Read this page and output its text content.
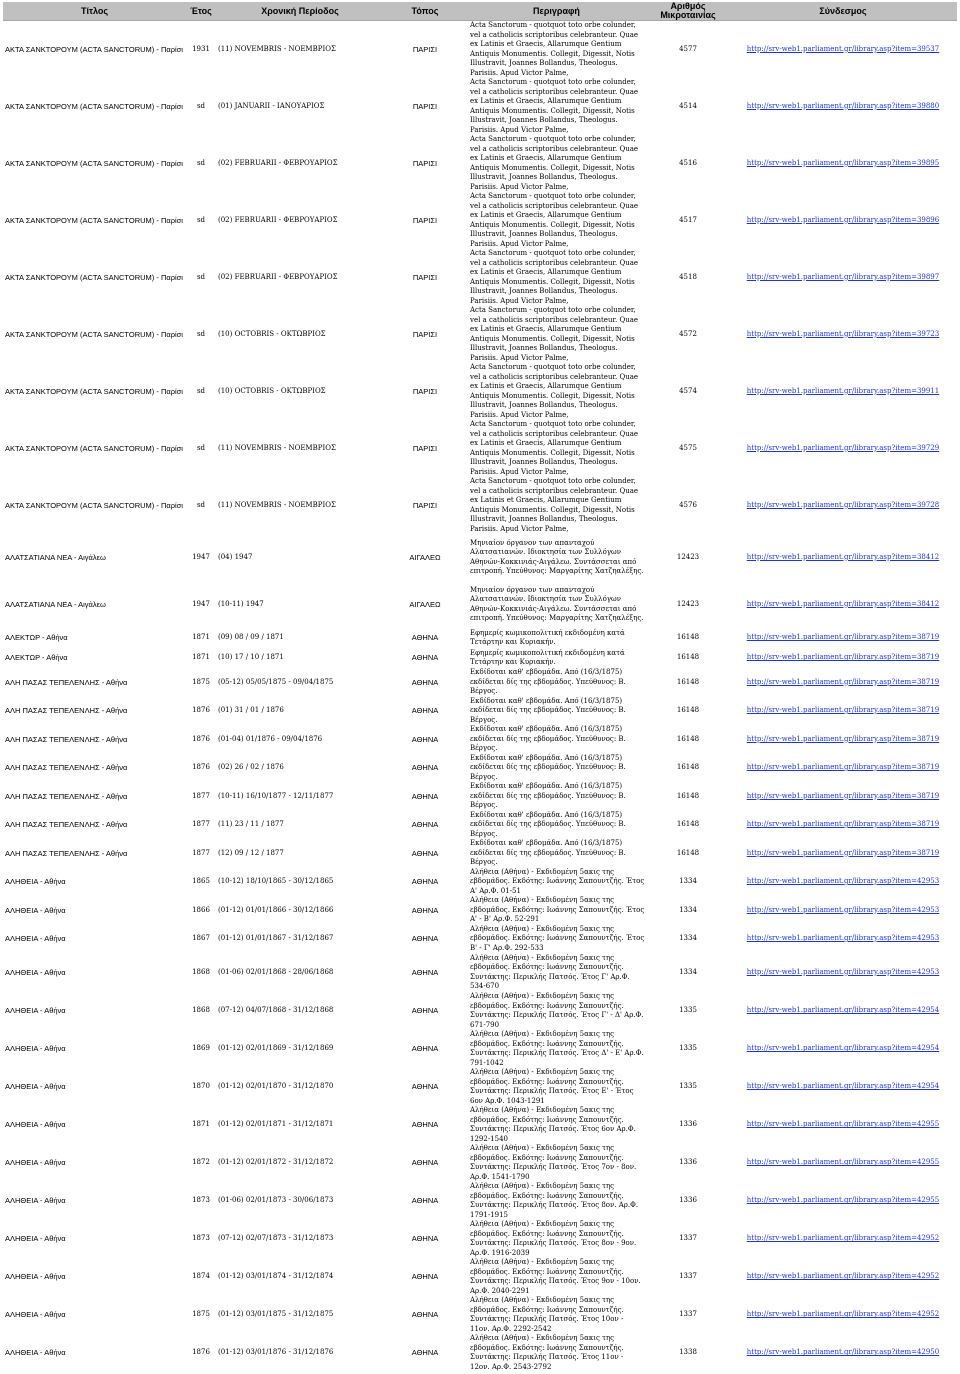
Τίτλος	Έτος	Χρονική Περίοδος	Τόπος	Περιγραφή	Αριθμός Μικροταινίας	Σύνδεσμος
ΑΚΤΑ ΣΑΝΚΤΟΡΟΥΜ (ACTA SANCTORUM) - Παρίσι	1931	(11) NOVEMBRIS - ΝΟΕΜΒΡΙΟΣ	ΠΑΡΙΣΙ	Acta Sanctorum - quotquot toto orbe colunder, vel a catholicis scriptoribus celebranteur. Quae ex Latinis et Graecis, Allarumque Gentium Antiquis Monumentis. Collegit, Digessit, Notis Illustravit, Joannes Bollandus, Theologus. Parisiis. Apud Victor Palme,	4577	http://srv-web1.parliament.gr/library.asp?item=39537
ΑΚΤΑ ΣΑΝΚΤΟΡΟΥΜ (ACTA SANCTORUM) - Παρίσι	sd	(01) JANUARII - ΙΑΝΟΥΑΡΙΟΣ	ΠΑΡΙΣΙ	Acta Sanctorum - quotquot toto orbe colunder, vel a catholicis scriptoribus celebranteur. Quae ex Latinis et Graecis, Allarumque Gentium Antiquis Monumentis. Collegit, Digessit, Notis Illustravit, Joannes Bollandus, Theologus. Parisiis. Apud Victor Palme,	4514	http://srv-web1.parliament.gr/library.asp?item=39880
ΑΚΤΑ ΣΑΝΚΤΟΡΟΥΜ (ACTA SANCTORUM) - Παρίσι	sd	(02) FEBRUARII - ΦΕΒΡΟΥΑΡΙΟΣ	ΠΑΡΙΣΙ	Acta Sanctorum - quotquot toto orbe colunder, vel a catholicis scriptoribus celebranteur. Quae ex Latinis et Graecis, Allarumque Gentium Antiquis Monumentis. Collegit, Digessit, Notis Illustravit, Joannes Bollandus, Theologus. Parisiis. Apud Victor Palme,	4516	http://srv-web1.parliament.gr/library.asp?item=39895
ΑΚΤΑ ΣΑΝΚΤΟΡΟΥΜ (ACTA SANCTORUM) - Παρίσι	sd	(02) FEBRUARII - ΦΕΒΡΟΥΑΡΙΟΣ	ΠΑΡΙΣΙ	Acta Sanctorum - quotquot toto orbe colunder, vel a catholicis scriptoribus celebranteur. Quae ex Latinis et Graecis, Allarumque Gentium Antiquis Monumentis. Collegit, Digessit, Notis Illustravit, Joannes Bollandus, Theologus. Parisiis. Apud Victor Palme,	4517	http://srv-web1.parliament.gr/library.asp?item=39896
ΑΚΤΑ ΣΑΝΚΤΟΡΟΥΜ (ACTA SANCTORUM) - Παρίσι	sd	(02) FEBRUARII - ΦΕΒΡΟΥΑΡΙΟΣ	ΠΑΡΙΣΙ	Acta Sanctorum - quotquot toto orbe colunder, vel a catholicis scriptoribus celebranteur. Quae ex Latinis et Graecis, Allarumque Gentium Antiquis Monumentis. Collegit, Digessit, Notis Illustravit, Joannes Bollandus, Theologus. Parisiis. Apud Victor Palme,	4518	http://srv-web1.parliament.gr/library.asp?item=39897
ΑΚΤΑ ΣΑΝΚΤΟΡΟΥΜ (ACTA SANCTORUM) - Παρίσι	sd	(10) OCTOBRIS - ΟΚΤΩΒΡΙΟΣ	ΠΑΡΙΣΙ	Acta Sanctorum - quotquot toto orbe colunder, vel a catholicis scriptoribus celebranteur. Quae ex Latinis et Graecis, Allarumque Gentium Antiquis Monumentis. Collegit, Digessit, Notis Illustravit, Joannes Bollandus, Theologus. Parisiis. Apud Victor Palme,	4572	http://srv-web1.parliament.gr/library.asp?item=39723
ΑΚΤΑ ΣΑΝΚΤΟΡΟΥΜ (ACTA SANCTORUM) - Παρίσι	sd	(10) OCTOBRIS - ΟΚΤΩΒΡΙΟΣ	ΠΑΡΙΣΙ	Acta Sanctorum - quotquot toto orbe colunder, vel a catholicis scriptoribus celebranteur. Quae ex Latinis et Graecis, Allarumque Gentium Antiquis Monumentis. Collegit, Digessit, Notis Illustravit, Joannes Bollandus, Theologus. Parisiis. Apud Victor Palme,	4574	http://srv-web1.parliament.gr/library.asp?item=39911
ΑΚΤΑ ΣΑΝΚΤΟΡΟΥΜ (ACTA SANCTORUM) - Παρίσι	sd	(11) NOVEMBRIS - ΝΟΕΜΒΡΙΟΣ	ΠΑΡΙΣΙ	Acta Sanctorum - quotquot toto orbe colunder, vel a catholicis scriptoribus celebranteur. Quae ex Latinis et Graecis, Allarumque Gentium Antiquis Monumentis. Collegit, Digessit, Notis Illustravit, Joannes Bollandus, Theologus. Parisiis. Apud Victor Palme,	4575	http://srv-web1.parliament.gr/library.asp?item=39729
ΑΚΤΑ ΣΑΝΚΤΟΡΟΥΜ (ACTA SANCTORUM) - Παρίσι	sd	(11) NOVEMBRIS - ΝΟΕΜΒΡΙΟΣ	ΠΑΡΙΣΙ	Acta Sanctorum - quotquot toto orbe colunder, vel a catholicis scriptoribus celebranteur. Quae ex Latinis et Graecis, Allarumque Gentium Antiquis Monumentis. Collegit, Digessit, Notis Illustravit, Joannes Bollandus, Theologus. Parisiis. Apud Victor Palme,	4576	http://srv-web1.parliament.gr/library.asp?item=39728
ΑΛΑΤΣΑΤΙΑΝΑ ΝΕΑ - Αιγάλεω	1947	(04) 1947	ΑΙΓΑΛΕΩ	Μηνιαίον όργανον των απανταχού Αλατσατιανών. Ιδιοκτησία των Συλλόγων Αθηνών-Κοκκινιάς-Αιγάλεω. Συντάσσεται από επιτροπή. Υπεύθυνος: Μαργαρίτης Χατζηαλέξης.	12423	http://srv-web1.parliament.gr/library.asp?item=38412
ΑΛΑΤΣΑΤΙΑΝΑ ΝΕΑ - Αιγάλεω	1947	(10-11) 1947	ΑΙΓΑΛΕΩ	Μηνιαίον όργανον των απανταχού Αλατσατιανών. Ιδιοκτησία των Συλλόγων Αθηνών-Κοκκινιάς-Αιγάλεω. Συντάσσεται από επιτροπή. Υπεύθυνος: Μαργαρίτης Χατζηαλέξης.	12423	http://srv-web1.parliament.gr/library.asp?item=38412
ΑΛΕΚΤΩΡ - Αθήνα	1871	(09) 08 / 09 / 1871	ΑΘΗΝΑ	Εφημερίς κωμικοπολιτική εκδιδομένη κατά Τετάρτην και Κυριακήν.	16148	http://srv-web1.parliament.gr/library.asp?item=38719
ΑΛΕΚΤΩΡ - Αθήνα	1871	(10) 17 / 10 / 1871	ΑΘΗΝΑ	Εφημερίς κωμικοπολιτική εκδιδομένη κατά Τετάρτην και Κυριακήν.	16148	http://srv-web1.parliament.gr/library.asp?item=38719
ΑΛΗ ΠΑΣΑΣ ΤΕΠΕΛΕΝΛΗΣ - Αθήνα	1875	(05-12) 05/05/1875 - 09/04/1875	ΑΘΗΝΑ	Εκδίδοται καθ' εβδομάδα. Από (16/3/1875) εκδίδεται δίς της εβδομάδος. Υπεύθυνος: Β. Βέργος.	16148	http://srv-web1.parliament.gr/library.asp?item=38719
ΑΛΗ ΠΑΣΑΣ ΤΕΠΕΛΕΝΛΗΣ - Αθήνα	1876	(01) 31 / 01 / 1876	ΑΘΗΝΑ	Εκδίδοται καθ' εβδομάδα. Από (16/3/1875) εκδίδεται δίς της εβδομάδος. Υπεύθυνος: Β. Βέργος.	16148	http://srv-web1.parliament.gr/library.asp?item=38719
ΑΛΗ ΠΑΣΑΣ ΤΕΠΕΛΕΝΛΗΣ - Αθήνα	1876	(01-04) 01/1876 - 09/04/1876	ΑΘΗΝΑ	Εκδίδοται καθ' εβδομάδα. Από (16/3/1875) εκδίδεται δίς της εβδομάδος. Υπεύθυνος: Β. Βέργος.	16148	http://srv-web1.parliament.gr/library.asp?item=38719
ΑΛΗ ΠΑΣΑΣ ΤΕΠΕΛΕΝΛΗΣ - Αθήνα	1876	(02) 26 / 02 / 1876	ΑΘΗΝΑ	Εκδίδοται καθ' εβδομάδα. Από (16/3/1875) εκδίδεται δίς της εβδομάδος. Υπεύθυνος: Β. Βέργος.	16148	http://srv-web1.parliament.gr/library.asp?item=38719
ΑΛΗ ΠΑΣΑΣ ΤΕΠΕΛΕΝΛΗΣ - Αθήνα	1877	(10-11) 16/10/1877 - 12/11/1877	ΑΘΗΝΑ	Εκδίδοται καθ' εβδομάδα. Από (16/3/1875) εκδίδεται δίς της εβδομάδος. Υπεύθυνος: Β. Βέργος.	16148	http://srv-web1.parliament.gr/library.asp?item=38719
ΑΛΗ ΠΑΣΑΣ ΤΕΠΕΛΕΝΛΗΣ - Αθήνα	1877	(11) 23 / 11 / 1877	ΑΘΗΝΑ	Εκδίδοται καθ' εβδομάδα. Από (16/3/1875) εκδίδεται δίς της εβδομάδος. Υπεύθυνος: Β. Βέργος.	16148	http://srv-web1.parliament.gr/library.asp?item=38719
ΑΛΗ ΠΑΣΑΣ ΤΕΠΕΛΕΝΛΗΣ - Αθήνα	1877	(12) 09 / 12 / 1877	ΑΘΗΝΑ	Εκδίδοται καθ' εβδομάδα. Από (16/3/1875) εκδίδεται δίς της εβδομάδος. Υπεύθυνος: Β. Βέργος.	16148	http://srv-web1.parliament.gr/library.asp?item=38719
ΑΛΗΘΕΙΑ - Αθήνα	1865	(10-12) 18/10/1865 - 30/12/1865	ΑΘΗΝΑ	Αλήθεια (Αθήνα) - Εκδιδομένη 5ακις της εβδομάδος. Εκδότης: Ιωάννης Σαπουντζής. Έτος Α' Αρ.Φ. 01-51	1334	http://srv-web1.parliament.gr/library.asp?item=42953
ΑΛΗΘΕΙΑ - Αθήνα	1866	(01-12) 01/01/1866 - 30/12/1866	ΑΘΗΝΑ	Αλήθεια (Αθήνα) - Εκδιδομένη 5ακις της εβδομάδος. Εκδότης: Ιωάννης Σαπουντζής. Έτος Α' - Β' Αρ.Φ. 52-291	1334	http://srv-web1.parliament.gr/library.asp?item=42953
ΑΛΗΘΕΙΑ - Αθήνα	1867	(01-12) 01/01/1867 - 31/12/1867	ΑΘΗΝΑ	Αλήθεια (Αθήνα) - Εκδιδομένη 5ακις της εβδομάδος. Εκδότης: Ιωάννης Σαπουντζής. Έτος Β' - Γ' Αρ.Φ. 292-533	1334	http://srv-web1.parliament.gr/library.asp?item=42953
ΑΛΗΘΕΙΑ - Αθήνα	1868	(01-06) 02/01/1868 - 28/06/1868	ΑΘΗΝΑ	Αλήθεια (Αθήνα) - Εκδιδομένη 5ακις της εβδομάδος. Εκδότης: Ιωάννης Σαπουντζής. Συντάκτης: Περικλής Πατσός. Έτος Γ' Αρ.Φ. 534-670	1334	http://srv-web1.parliament.gr/library.asp?item=42953
ΑΛΗΘΕΙΑ - Αθήνα	1868	(07-12) 04/07/1868 - 31/12/1868	ΑΘΗΝΑ	Αλήθεια (Αθήνα) - Εκδιδομένη 5ακις της εβδομάδος. Εκδότης: Ιωάννης Σαπουντζής. Συντάκτης: Περικλής Πατσός. Έτος Γ' - Δ' Αρ.Φ. 671-790	1335	http://srv-web1.parliament.gr/library.asp?item=42954
ΑΛΗΘΕΙΑ - Αθήνα	1869	(01-12) 02/01/1869 - 31/12/1869	ΑΘΗΝΑ	Αλήθεια (Αθήνα) - Εκδιδομένη 5ακις της εβδομάδος. Εκδότης: Ιωάννης Σαπουντζής. Συντάκτης: Περικλής Πατσός. Έτος Δ' - Ε' Αρ.Φ. 791-1042	1335	http://srv-web1.parliament.gr/library.asp?item=42954
ΑΛΗΘΕΙΑ - Αθήνα	1870	(01-12) 02/01/1870 - 31/12/1870	ΑΘΗΝΑ	Αλήθεια (Αθήνα) - Εκδιδομένη 5ακις της εβδομάδος. Εκδότης: Ιωάννης Σαπουντζής. Συντάκτης: Περικλής Πατσός. Έτος Ε' - Έτος 6ον Αρ.Φ. 1043-1291	1335	http://srv-web1.parliament.gr/library.asp?item=42954
ΑΛΗΘΕΙΑ - Αθήνα	1871	(01-12) 02/01/1871 - 31/12/1871	ΑΘΗΝΑ	Αλήθεια (Αθήνα) - Εκδιδομένη 5ακις της εβδομάδος. Εκδότης: Ιωάννης Σαπουντζής. Συντάκτης: Περικλής Πατσός. Έτος 6ον Αρ.Φ. 1292-1540	1336	http://srv-web1.parliament.gr/library.asp?item=42955
ΑΛΗΘΕΙΑ - Αθήνα	1872	(01-12) 02/01/1872 - 31/12/1872	ΑΘΗΝΑ	Αλήθεια (Αθήνα) - Εκδιδομένη 5ακις της εβδομάδος. Εκδότης: Ιωάννης Σαπουντζής. Συντάκτης: Περικλής Πατσός. Έτος 7ον - 8ον. Αρ.Φ. 1541-1790	1336	http://srv-web1.parliament.gr/library.asp?item=42955
ΑΛΗΘΕΙΑ - Αθήνα	1873	(01-06) 02/01/1873 - 30/06/1873	ΑΘΗΝΑ	Αλήθεια (Αθήνα) - Εκδιδομένη 5ακις της εβδομάδος. Εκδότης: Ιωάννης Σαπουντζής. Συντάκτης: Περικλής Πατσός. Έτος 8ον. Αρ.Φ. 1791-1915	1336	http://srv-web1.parliament.gr/library.asp?item=42955
ΑΛΗΘΕΙΑ - Αθήνα	1873	(07-12) 02/07/1873 - 31/12/1873	ΑΘΗΝΑ	Αλήθεια (Αθήνα) - Εκδιδομένη 5ακις της εβδομάδος. Εκδότης: Ιωάννης Σαπουντζής. Συντάκτης: Περικλής Πατσός. Έτος 8ον - 9ον. Αρ.Φ. 1916-2039	1337	http://srv-web1.parliament.gr/library.asp?item=42952
ΑΛΗΘΕΙΑ - Αθήνα	1874	(01-12) 03/01/1874 - 31/12/1874	ΑΘΗΝΑ	Αλήθεια (Αθήνα) - Εκδιδομένη 5ακις της εβδομάδος. Εκδότης: Ιωάννης Σαπουντζής. Συντάκτης: Περικλής Πατσός. Έτος 9ον - 10ον. Αρ.Φ. 2040-2291	1337	http://srv-web1.parliament.gr/library.asp?item=42952
ΑΛΗΘΕΙΑ - Αθήνα	1875	(01-12) 03/01/1875 - 31/12/1875	ΑΘΗΝΑ	Αλήθεια (Αθήνα) - Εκδιδομένη 5ακις της εβδομάδος. Εκδότης: Ιωάννης Σαπουντζής. Συντάκτης: Περικλής Πατσός. Έτος 10ον - 11ον. Αρ.Φ. 2292-2542	1337	http://srv-web1.parliament.gr/library.asp?item=42952
ΑΛΗΘΕΙΑ - Αθήνα	1876	(01-12) 03/01/1876 - 31/12/1876	ΑΘΗΝΑ	Αλήθεια (Αθήνα) - Εκδιδομένη 5ακις της εβδομάδος. Εκδότης: Ιωάννης Σαπουντζής. Συντάκτης: Περικλής Πατσός. Έτος 11ον - 12ον. Αρ.Φ. 2543-2792	1338	http://srv-web1.parliament.gr/library.asp?item=42950
